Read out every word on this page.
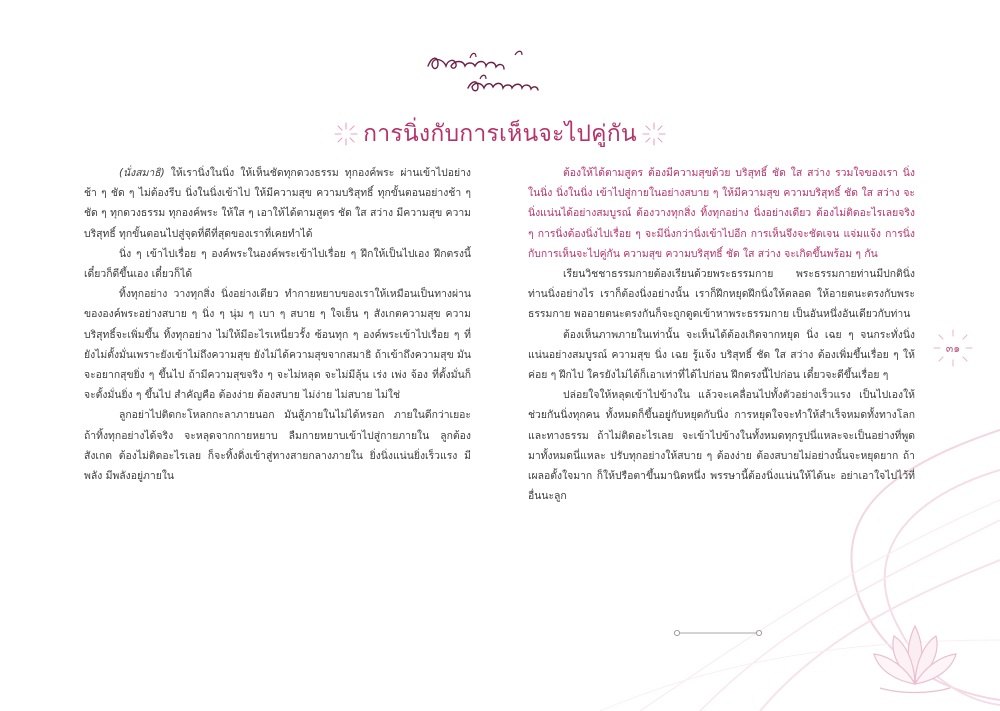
การนิ่งกับการเห็นจะไปคู่กัน

(นั่งสมาธิ) ให้เรานิ่งในนิ่ง ให้เห็นชัดทุกดวงธรรม ทุกองค์พระ ผ่านเข้าไปอย่างช้า ๆ ชัด ๆ ไม่ต้องรีบ นิ่งในนิ่งเข้าไป ให้มีความสุข ความบริสุทธิ์ ทุกขั้นตอนอย่างช้า ๆ ชัด ๆ ทุกดวงธรรม ทุกองค์พระ ให้ใส ๆ เอาให้ได้ตามสูตร ชัด ใส สว่าง มีความสุข ความบริสุทธิ์ ทุกขั้นตอนไปสู่จุดที่ดีที่สุดของเราที่เคยทำได้

นิ่ง ๆ เข้าไปเรื่อย ๆ องค์พระในองค์พระเข้าไปเรื่อย ๆ ฝึกให้เป็นไปเอง ฝึกตรงนี้ เดี๋ยวก็ดีขึ้นเอง เดี๋ยวก็ได้

ทิ้งทุกอย่าง วางทุกสิ่ง นิ่งอย่างเดียว ทำกายหยาบของเราให้เหมือนเป็นทางผ่านขององค์พระอย่างสบาย ๆ นิ่ง ๆ นุ่ม ๆ เบา ๆ สบาย ๆ ใจเย็น ๆ สังเกตความสุข ความบริสุทธิ์จะเพิ่มขึ้น ทิ้งทุกอย่าง ไม่ให้มีอะไรเหนี่ยวรั้ง ซ้อนทุก ๆ องค์พระเข้าไปเรื่อย ๆ ที่ยังไม่ตั้งมั่นเพราะยังเข้าไม่ถึงความสุข ยังไม่ได้ความสุขจากสมาธิ ถ้าเข้าถึงความสุข มันจะอยากสุขยิ่ง ๆ ขึ้นไป ถ้ามีความสุขจริง ๆ จะไม่หลุด จะไม่มีลุ้น เร่ง เพ่ง จ้อง ที่ตั้งมั่นก็จะตั้งมั่นยิ่ง ๆ ขึ้นไป สำคัญคือ ต้องง่าย ต้องสบาย ไม่ง่าย ไม่สบาย ไม่ใช่

ลูกอย่าไปติดกะโหลกกะลาภายนอก มันสู้ภายในไม่ได้หรอก ภายในดีกว่าเยอะ ถ้าทิ้งทุกอย่างได้จริง จะหลุดจากกายหยาบ ลืมกายหยาบเข้าไปสู่กายภายใน ลูกต้องสังเกต ต้องไม่ติดอะไรเลย ก็จะทิ้งดิ่งเข้าสู่ทางสายกลางภายใน ยิ่งนิ่งแน่นยิ่งเร็วแรง มีพลัง มีพลังอยู่ภายใน

ต้องให้ได้ตามสูตร ต้องมีความสุขด้วย บริสุทธิ์ ชัด ใส สว่าง รวมใจของเรา นิ่งในนิ่ง นิ่งในนิ่ง เข้าไปสู่กายในอย่างสบาย ๆ ให้มีความสุข ความบริสุทธิ์ ชัด ใส สว่าง จะนิ่งแน่นได้อย่างสมบูรณ์ ต้องวางทุกสิ่ง ทิ้งทุกอย่าง นิ่งอย่างเดียว ต้องไม่ติดอะไรเลยจริง ๆ การนิ่งต้องนิ่งไปเรื่อย ๆ จะมีนิ่งกว่านิ่งเข้าไปอีก การเห็นจึงจะชัดเจน แจ่มแจ้ง การนิ่งกับการเห็นจะไปคู่กัน ความสุข ความบริสุทธิ์ ชัด ใส สว่าง จะเกิดขึ้นพร้อม ๆ กัน

เรียนวิชชาธรรมกายต้องเรียนด้วยพระธรรมกาย พระธรรมกายท่านมีปกตินิ่ง ท่านนิ่งอย่างไร เราก็ต้องนิ่งอย่างนั้น เราก็ฝึกหยุดฝึกนิ่งให้ตลอด ให้อายตนะตรงกับพระธรรมกาย พออายตนะตรงกันก็จะถูกดูดเข้าหาพระธรรมกาย เป็นอันหนึ่งอันเดียวกับท่าน

ต้องเห็นภาพภายในเท่านั้น จะเห็นได้ต้องเกิดจากหยุด นิ่ง เฉย ๆ จนกระทั่งนิ่งแน่นอย่างสมบูรณ์ ความสุข นิ่ง เฉย รู้แจ้ง บริสุทธิ์ ชัด ใส สว่าง ต้องเพิ่มขึ้นเรื่อย ๆ ให้ค่อย ๆ ฝึกไป ใครยังไม่ได้ก็เอาเท่าที่ได้ไปก่อน ฝึกตรงนี้ไปก่อน เดี๋ยวจะดีขึ้นเรื่อย ๆ

ปล่อยใจให้หลุดเข้าไปข้างใน แล้วจะเคลื่อนไปทั้งตัวอย่างเร็วแรง เป็นไปเองให้ช่วยกันนิ่งทุกคน ทั้งหมดก็ขึ้นอยู่กับหยุดกับนิ่ง การหยุดใจจะทำให้สำเร็จหมดทั้งทางโลกและทางธรรม ถ้าไม่ติดอะไรเลย จะเข้าไปข้างในทั้งหมดทุกรูปนี่แหละจะเป็นอย่างที่พูดมาทั้งหมดนี่แหละ ปรับทุกอย่างให้สบาย ๆ ต้องง่าย ต้องสบายไม่อย่างนั้นจะหยุดยาก ถ้าเผลอตั้งใจมาก ก็ให้ปรือตาขึ้นมานิดหนึ่ง พรรษานี้ต้องนิ่งแน่นให้ได้นะ อย่าเอาใจไปไว้ที่อื่นนะลูก

๓๑
